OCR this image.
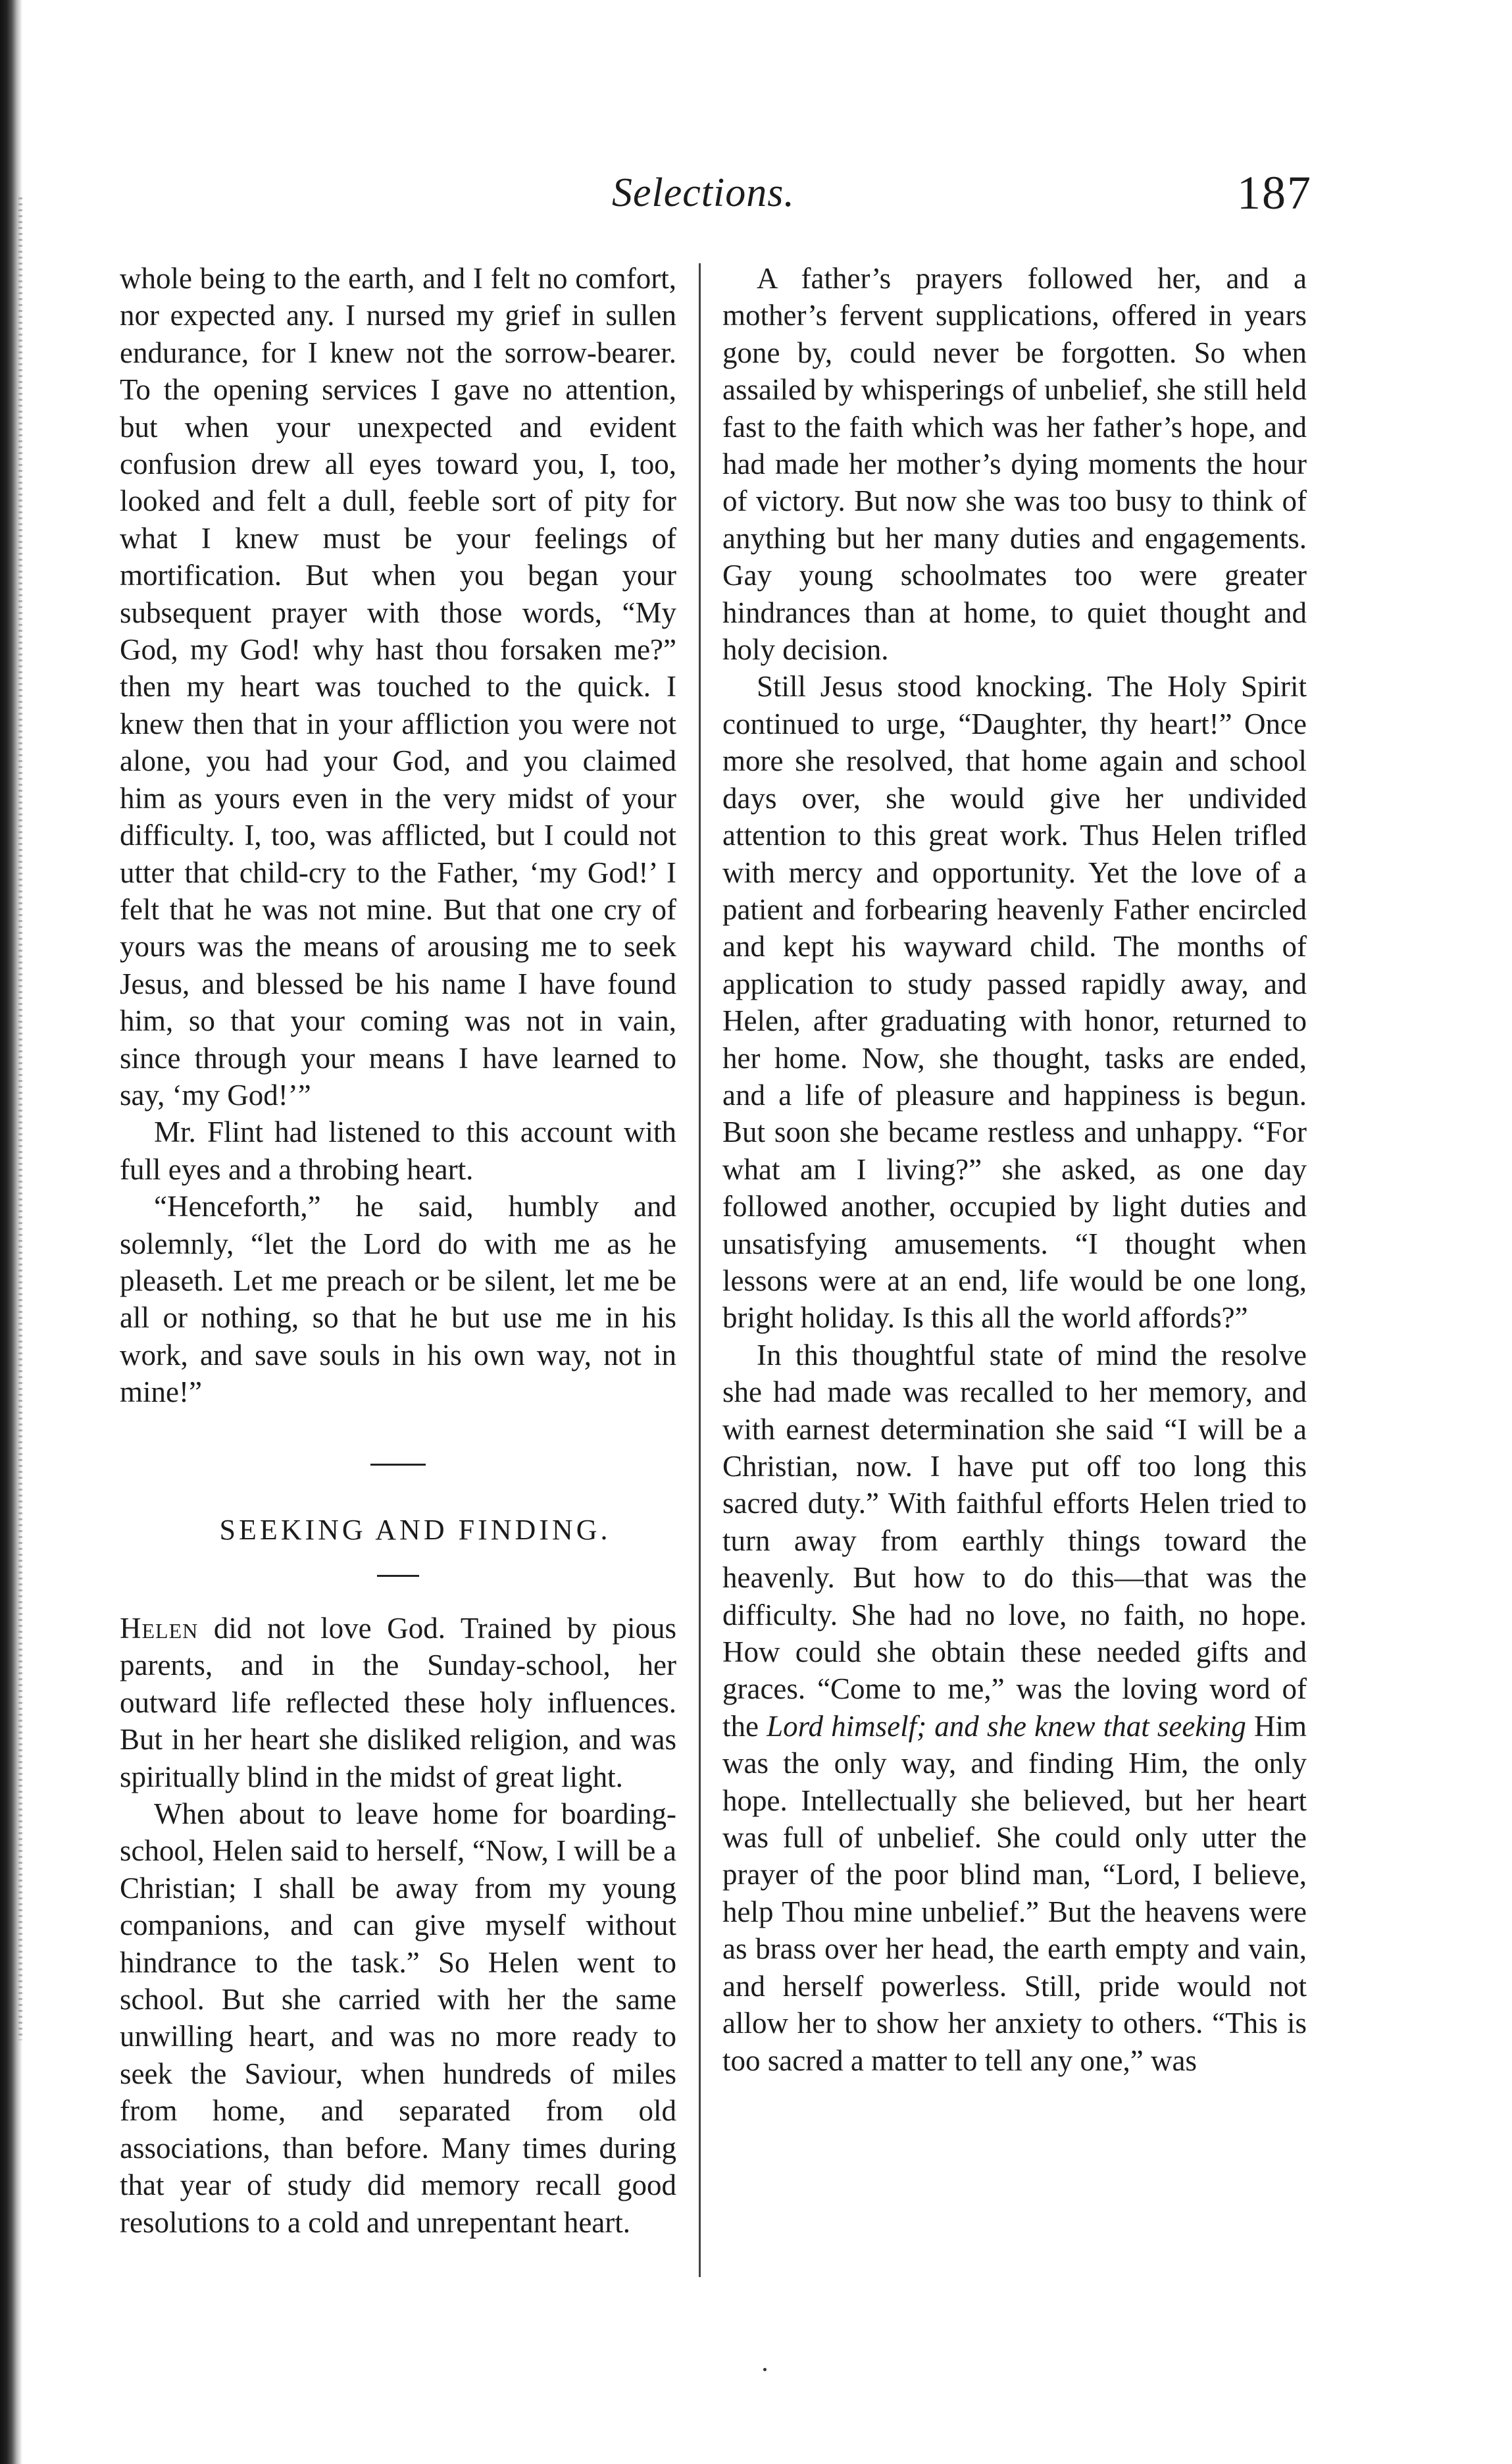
Selections.	187

whole being to the earth, and I felt no comfort, nor expected any. I nursed my grief in sullen endurance, for I knew not the sorrow-bearer. To the opening services I gave no attention, but when your unexpected and evident confusion drew all eyes toward you, I, too, looked and felt a dull, feeble sort of pity for what I knew must be your feelings of mortification. But when you began your subsequent prayer with those words, “My God, my God! why hast thou forsaken me?” then my heart was touched to the quick. I knew then that in your affliction you were not alone, you had your God, and you claimed him as yours even in the very midst of your difficulty. I, too, was afflicted, but I could not utter that child-cry to the Father, ‘my God!’ I felt that he was not mine. But that one cry of yours was the means of arousing me to seek Jesus, and blessed be his name I have found him, so that your coming was not in vain, since through your means I have learned to say, ‘my God!’”

Mr. Flint had listened to this account with full eyes and a throbing heart.

“Henceforth,” he said, humbly and solemnly, “let the Lord do with me as he pleaseth. Let me preach or be silent, let me be all or nothing, so that he but use me in his work, and save souls in his own way, not in mine!”

SEEKING AND FINDING.

Helen did not love God. Trained by pious parents, and in the Sunday-school, her outward life reflected these holy influences. But in her heart she disliked religion, and was spiritually blind in the midst of great light.

When about to leave home for boarding-school, Helen said to herself, “Now, I will be a Christian; I shall be away from my young companions, and can give myself without hindrance to the task.” So Helen went to school. But she carried with her the same unwilling heart, and was no more ready to seek the Saviour, when hundreds of miles from home, and separated from old associations, than before. Many times during that year of study did memory recall good resolutions to a cold and unrepentant heart.

A father’s prayers followed her, and a mother’s fervent supplications, offered in years gone by, could never be forgotten. So when assailed by whisperings of unbelief, she still held fast to the faith which was her father’s hope, and had made her mother’s dying moments the hour of victory. But now she was too busy to think of anything but her many duties and engagements. Gay young schoolmates too were greater hindrances than at home, to quiet thought and holy decision.

Still Jesus stood knocking. The Holy Spirit continued to urge, “Daughter, thy heart!” Once more she resolved, that home again and school days over, she would give her undivided attention to this great work. Thus Helen trifled with mercy and opportunity. Yet the love of a patient and forbearing heavenly Father encircled and kept his wayward child. The months of application to study passed rapidly away, and Helen, after graduating with honor, returned to her home. Now, she thought, tasks are ended, and a life of pleasure and happiness is begun. But soon she became restless and unhappy. “For what am I living?” she asked, as one day followed another, occupied by light duties and unsatisfying amusements. “I thought when lessons were at an end, life would be one long, bright holiday. Is this all the world affords?”

In this thoughtful state of mind the resolve she had made was recalled to her memory, and with earnest determination she said “I will be a Christian, now. I have put off too long this sacred duty.” With faithful efforts Helen tried to turn away from earthly things toward the heavenly. But how to do this—that was the difficulty. She had no love, no faith, no hope. How could she obtain these needed gifts and graces. “Come to me,” was the loving word of the Lord himself; and she knew that seeking Him was the only way, and finding Him, the only hope. Intellectually she believed, but her heart was full of unbelief. She could only utter the prayer of the poor blind man, “Lord, I believe, help Thou mine unbelief.” But the heavens were as brass over her head, the earth empty and vain, and herself powerless. Still, pride would not allow her to show her anxiety to others. “This is too sacred a matter to tell any one,” was
